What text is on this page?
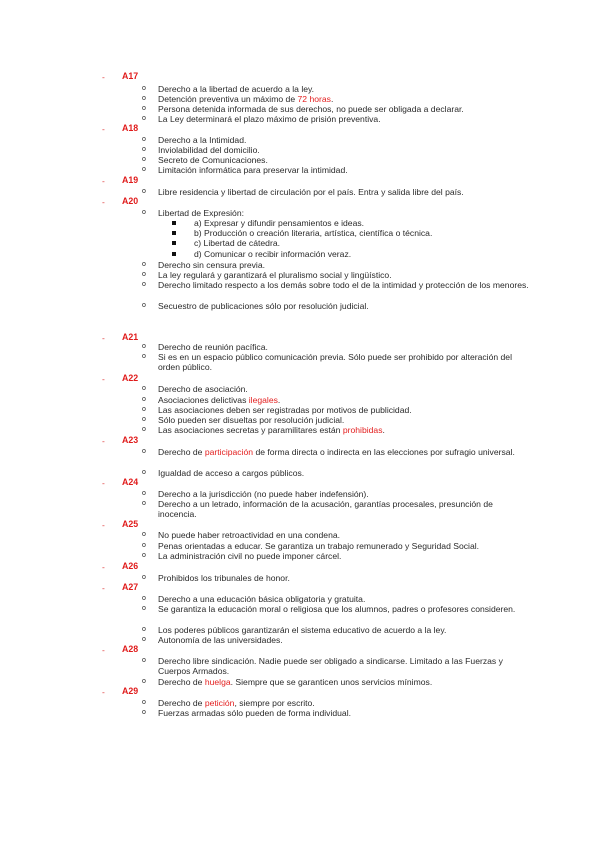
- A17
o Derecho a la libertad de acuerdo a la ley.
o Detención preventiva un máximo de 72 horas.
o Persona detenida informada de sus derechos, no puede ser obligada a declarar.
o La Ley determinará el plazo máximo de prisión preventiva.
- A18
o Derecho a la Intimidad.
o Inviolabilidad del domicilio.
o Secreto de Comunicaciones.
o Limitación informática para preservar la intimidad.
- A19
o Libre residencia y libertad de circulación por el país. Entra y salida libre del país.
- A20
o Libertad de Expresión:
o Derecho sin censura previa.
o La ley regulará y garantizará el pluralismo social y lingüístico.
o Derecho limitado respecto a los demás sobre todo el de la intimidad y protección de los menores.
o Secuestro de publicaciones sólo por resolución judicial.
a) Expresar y difundir pensamientos e ideas.
b) Producción o creación literaria, artística, científica o técnica.
c) Libertad de cátedra.
d) Comunicar o recibir información veraz.
- A21
o Derecho de reunión pacífica.
o Si es en un espacio público comunicación previa. Sólo puede ser prohibido por alteración del orden público.
- A22
o Derecho de asociación.
o Asociaciones delictivas ilegales.
o Las asociaciones deben ser registradas por motivos de publicidad.
o Sólo pueden ser disueltas por resolución judicial.
o Las asociaciones secretas y paramilitares están prohibidas.
- A23
o Derecho de participación de forma directa o indirecta en las elecciones por sufragio universal.
o Igualdad de acceso a cargos públicos.
- A24
o Derecho a la jurisdicción (no puede haber indefensión).
o Derecho a un letrado, información de la acusación, garantías procesales, presunción de inocencia.
- A25
o No puede haber retroactividad en una condena.
o Penas orientadas a educar. Se garantiza un trabajo remunerado y Seguridad Social.
o La administración civil no puede imponer cárcel.
- A26
o Prohibidos los tribunales de honor.
- A27
o Derecho a una educación básica obligatoria y gratuita.
o Se garantiza la educación moral o religiosa que los alumnos, padres o profesores consideren.
o Los poderes públicos garantizarán el sistema educativo de acuerdo a la ley.
o Autonomía de las universidades.
- A28
o Derecho libre sindicación. Nadie puede ser obligado a sindicarse. Limitado a las Fuerzas y Cuerpos Armados.
o Derecho de huelga. Siempre que se garanticen unos servicios mínimos.
- A29
o Derecho de petición, siempre por escrito.
o Fuerzas armadas sólo pueden de forma individual.
